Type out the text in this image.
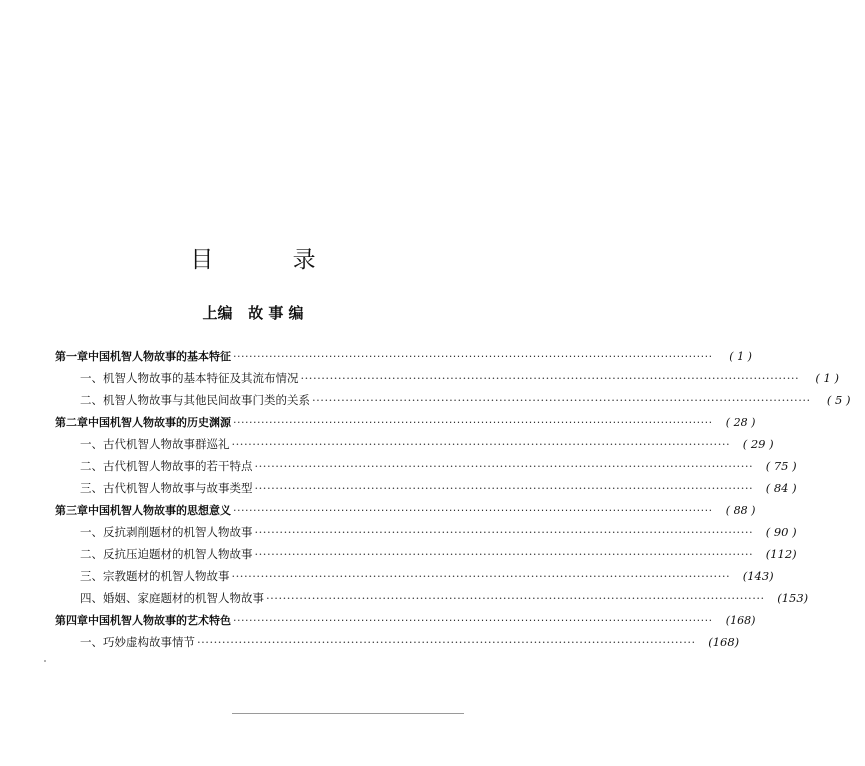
目 录
上编   故 事 编
第一章 中国机智人物故事的基本特征 ························································································································	( 1 )
一、机智人物故事的基本特征及其流布情况 ························································································································	( 1 )
二、机智人物故事与其他民间故事门类的关系 ························································································································	( 5 )
第二章 中国机智人物故事的历史渊源 ························································································································	( 28 )
一、古代机智人物故事群巡礼 ························································································································	( 29 )
二、古代机智人物故事的若干特点 ························································································································	( 75 )
三、古代机智人物故事与故事类型 ························································································································	( 84 )
第三章 中国机智人物故事的思想意义 ························································································································	( 88 )
一、反抗剥削题材的机智人物故事 ························································································································	( 90 )
二、反抗压迫题材的机智人物故事 ························································································································	(112)
三、宗教题材的机智人物故事 ························································································································	(143)
四、婚姻、家庭题材的机智人物故事 ························································································································	(153)
第四章 中国机智人物故事的艺术特色 ························································································································	(168)
一、巧妙虚构故事情节 ························································································································	(168)
